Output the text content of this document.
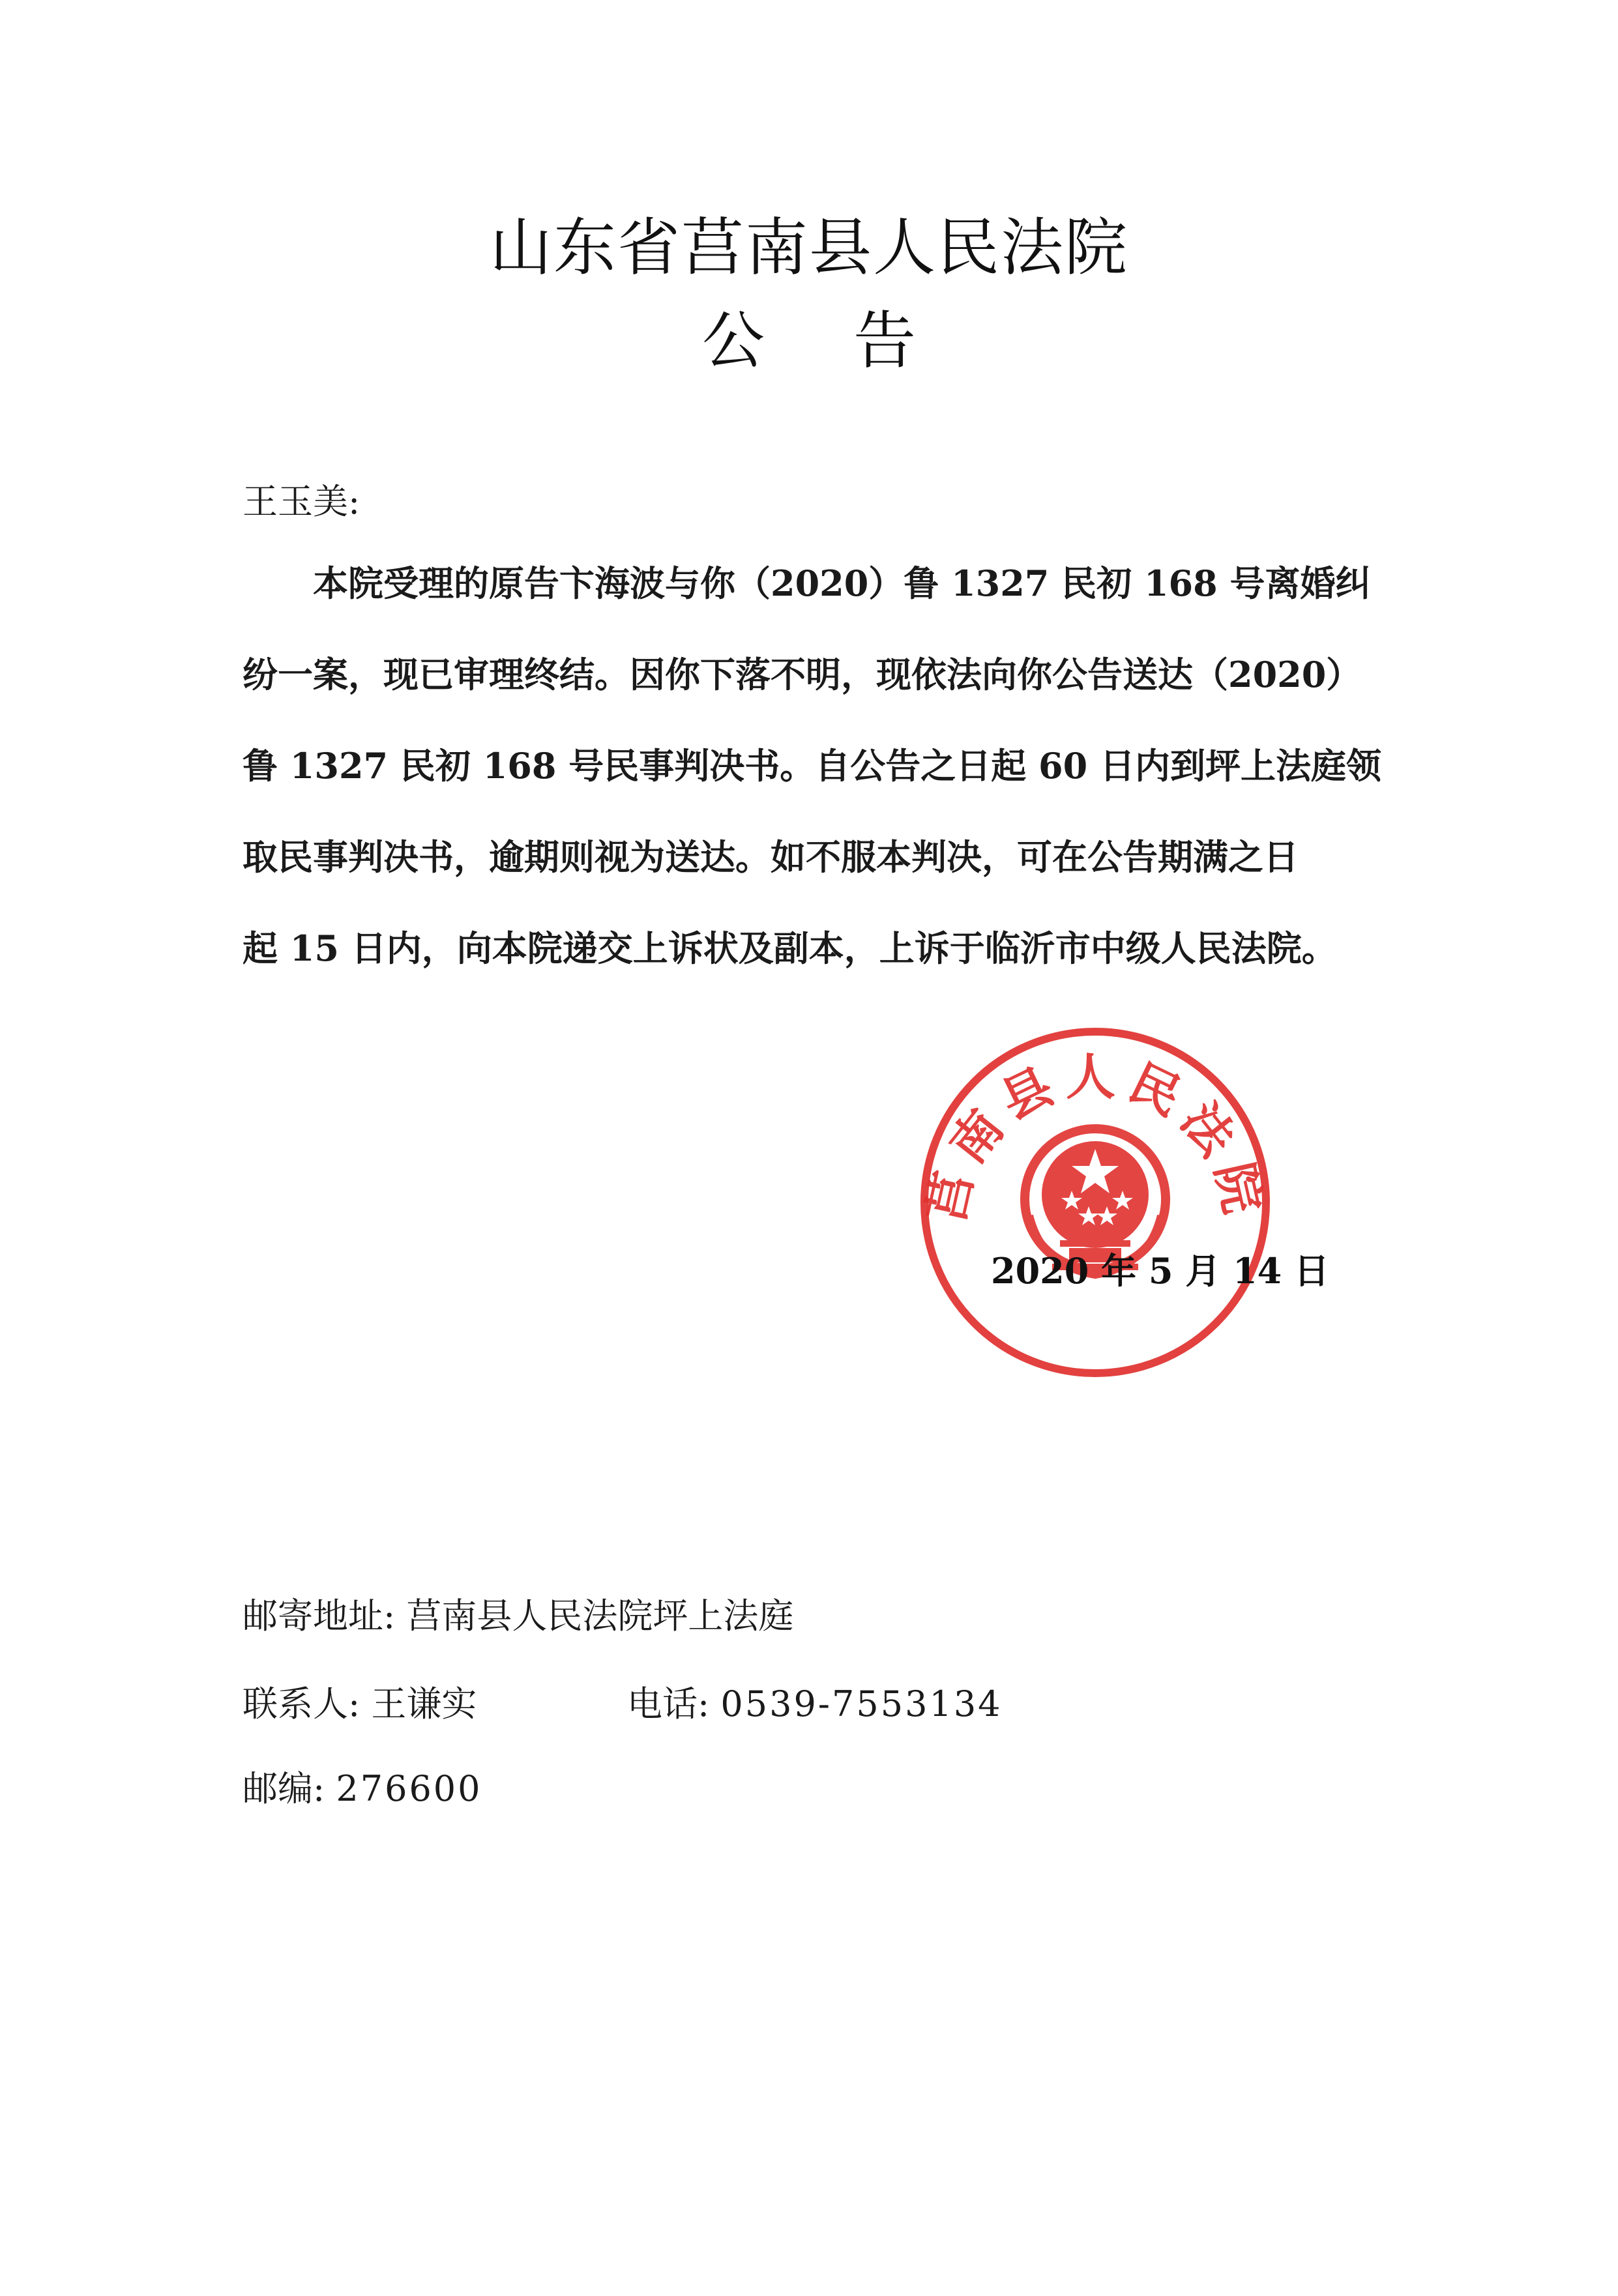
山东省莒南县人民法院
公 告
王玉美:
　　本院受理的原告卞海波与你（2020）鲁 1327 民初 168 号离婚纠
纷一案，现已审理终结。因你下落不明，现依法向你公告送达（2020）
鲁 1327 民初 168 号民事判决书。自公告之日起 60 日内到坪上法庭领
取民事判决书，逾期则视为送达。如不服本判决，可在公告期满之日
起 15 日内，向本院递交上诉状及副本，上诉于临沂市中级人民法院。
莒南县人民法院
2020 年 5 月 14 日
邮寄地址: 莒南县人民法院坪上法庭
联系人: 王谦实	电话: 0539-7553134
邮编: 276600
